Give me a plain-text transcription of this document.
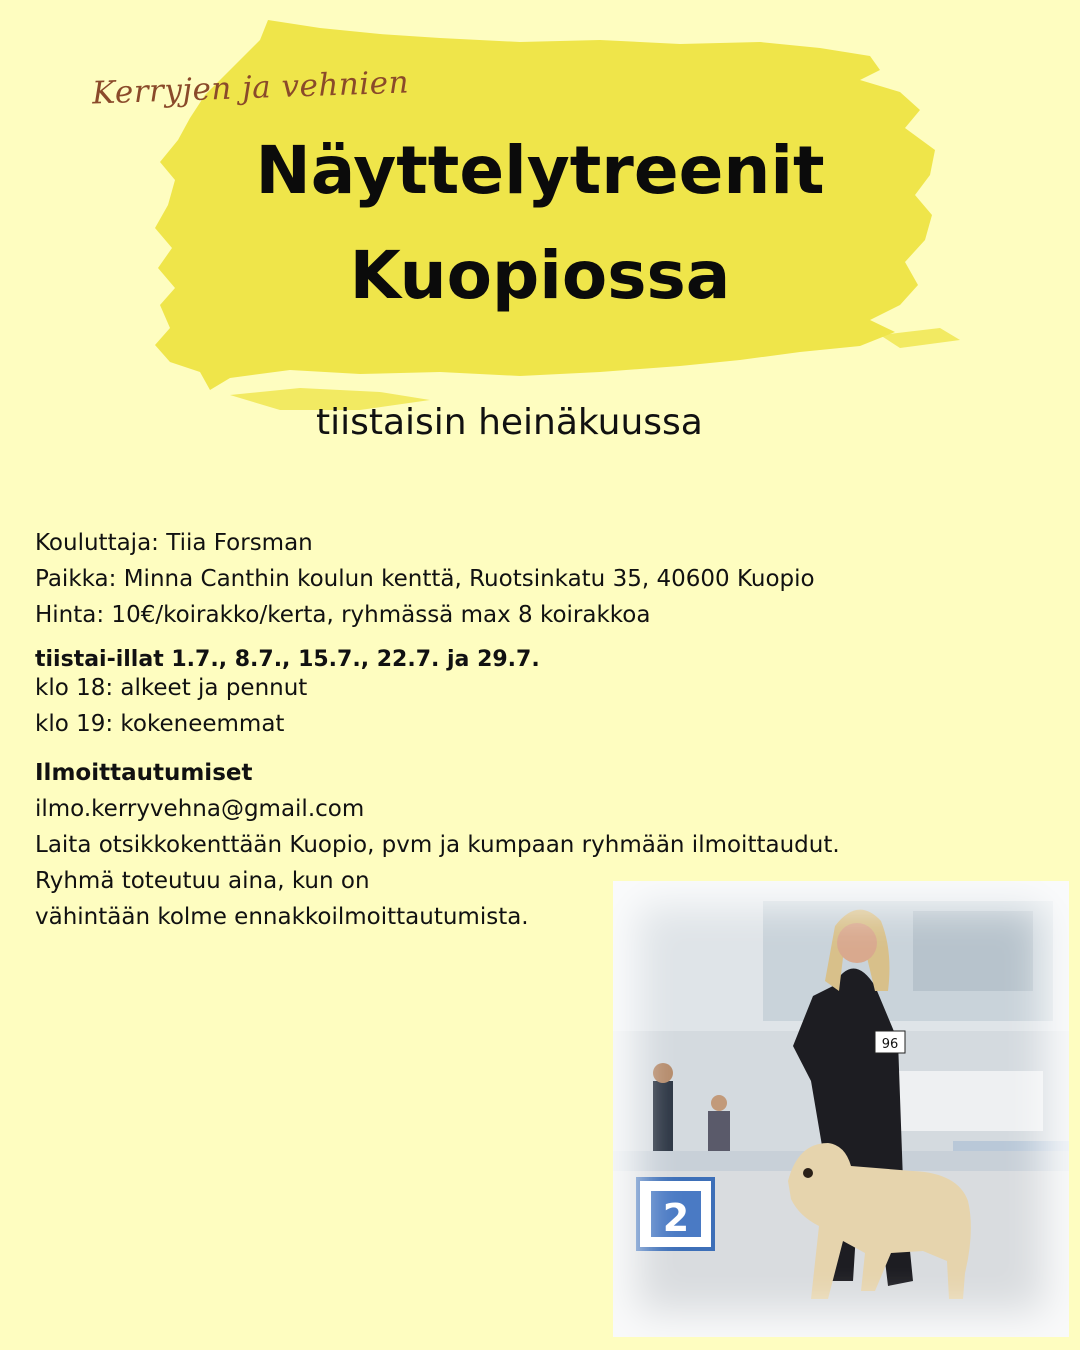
Kerryjen ja vehnien
Näyttelytreenit
Kuopiossa
tiistaisin heinäkuussa
Kouluttaja: Tiia Forsman
Paikka: Minna Canthin koulun kenttä, Ruotsinkatu 35, 40600 Kuopio
Hinta: 10€/koirakko/kerta, ryhmässä max 8 koirakkoa
tiistai-illat 1.7., 8.7., 15.7., 22.7. ja 29.7.
klo 18: alkeet ja pennut
klo 19: kokeneemmat
Ilmoittautumiset
ilmo.kerryvehna@gmail.com
Laita otsikkokenttään Kuopio, pvm ja kumpaan ryhmään ilmoittaudut.
Ryhmä toteutuu aina, kun on
vähintään kolme ennakkoilmoittautumista.
2
96
